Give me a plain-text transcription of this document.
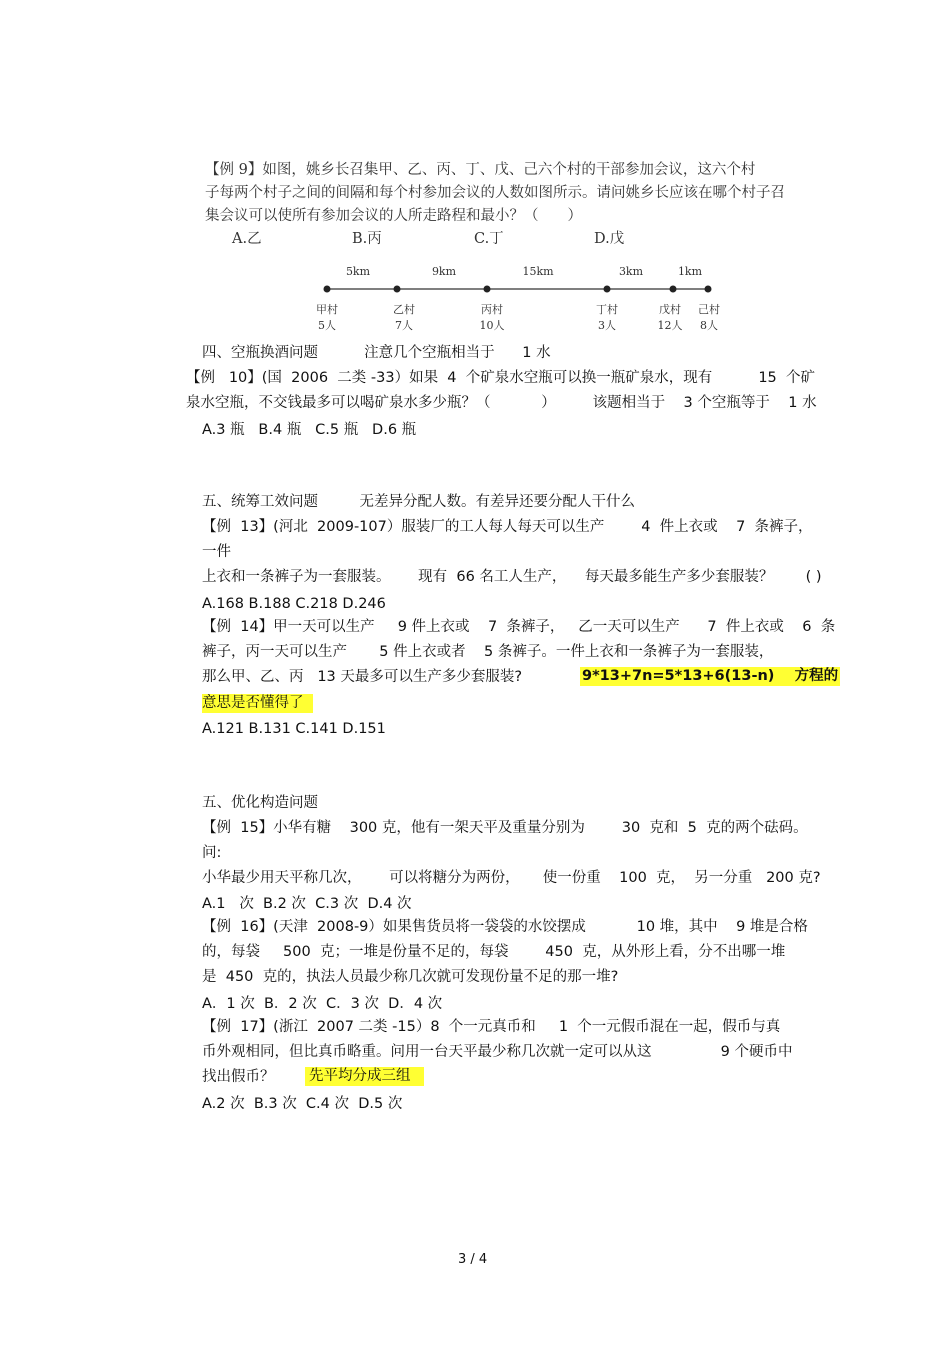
【例 9】如图，姚乡长召集甲、乙、丙、丁、戊、己六个村的干部参加会议，这六个村
子每两个村子之间的间隔和每个村参加会议的人数如图所示。请问姚乡长应该在哪个村子召
集会议可以使所有参加会议的人所走路程和最小？（　　）
A.乙	B.丙	C.丁	D.戊
5km	9km	15km	3km	1km
甲村
5人
乙村
7人
丙村
10人
丁村
3人
戊村
12人
己村
8人
四、空瓶换酒问题          注意几个空瓶相当于      1 水
【例   10】(国  2006  二类 -33）如果  4  个矿泉水空瓶可以换一瓶矿泉水，现有          15  个矿
泉水空瓶，不交钱最多可以喝矿泉水多少瓶？（           ）        该题相当于    3 个空瓶等于    1 水
A.3 瓶   B.4 瓶   C.5 瓶   D.6 瓶
五、统筹工效问题         无差异分配人数。有差异还要分配人干什么
【例  13】(河北  2009-107）服装厂的工人每人每天可以生产        4  件上衣或    7  条裤子，
一件
上衣和一条裤子为一套服装。      现有  66 名工人生产，    每天最多能生产多少套服装？       ( )
A.168 B.188 C.218 D.246
【例  14】甲一天可以生产     9 件上衣或    7  条裤子，   乙一天可以生产      7  件上衣或    6  条
裤子，丙一天可以生产       5 件上衣或者    5 条裤子。一件上衣和一条裤子为一套服装，
那么甲、乙、丙   13 天最多可以生产多少套服装?	9*13+7n=5*13+6(13-n)    方程的
意思是否懂得了
A.121 B.131 C.141 D.151
五、优化构造问题
【例  15】小华有糖    300 克，他有一架天平及重量分别为        30  克和  5  克的两个砝码。
问:
小华最少用天平称几次，      可以将糖分为两份，     使一份重    100  克，  另一分重   200 克?
A.1   次  B.2 次  C.3 次  D.4 次
【例  16】(天津  2008-9）如果售货员将一袋袋的水饺摆成           10 堆，其中    9 堆是合格
的，每袋     500  克；一堆是份量不足的，每袋        450  克，从外形上看，分不出哪一堆
是  450  克的，执法人员最少称几次就可发现份量不足的那一堆?
A．1 次  B．2 次  C．3 次  D．4 次
【例  17】(浙江  2007 二类 -15）8  个一元真币和     1  个一元假币混在一起，假币与真
币外观相同，但比真币略重。问用一台天平最少称几次就一定可以从这               9 个硬币中
找出假币？ 先平均分成三组
A.2 次  B.3 次  C.4 次  D.5 次
3 / 4
